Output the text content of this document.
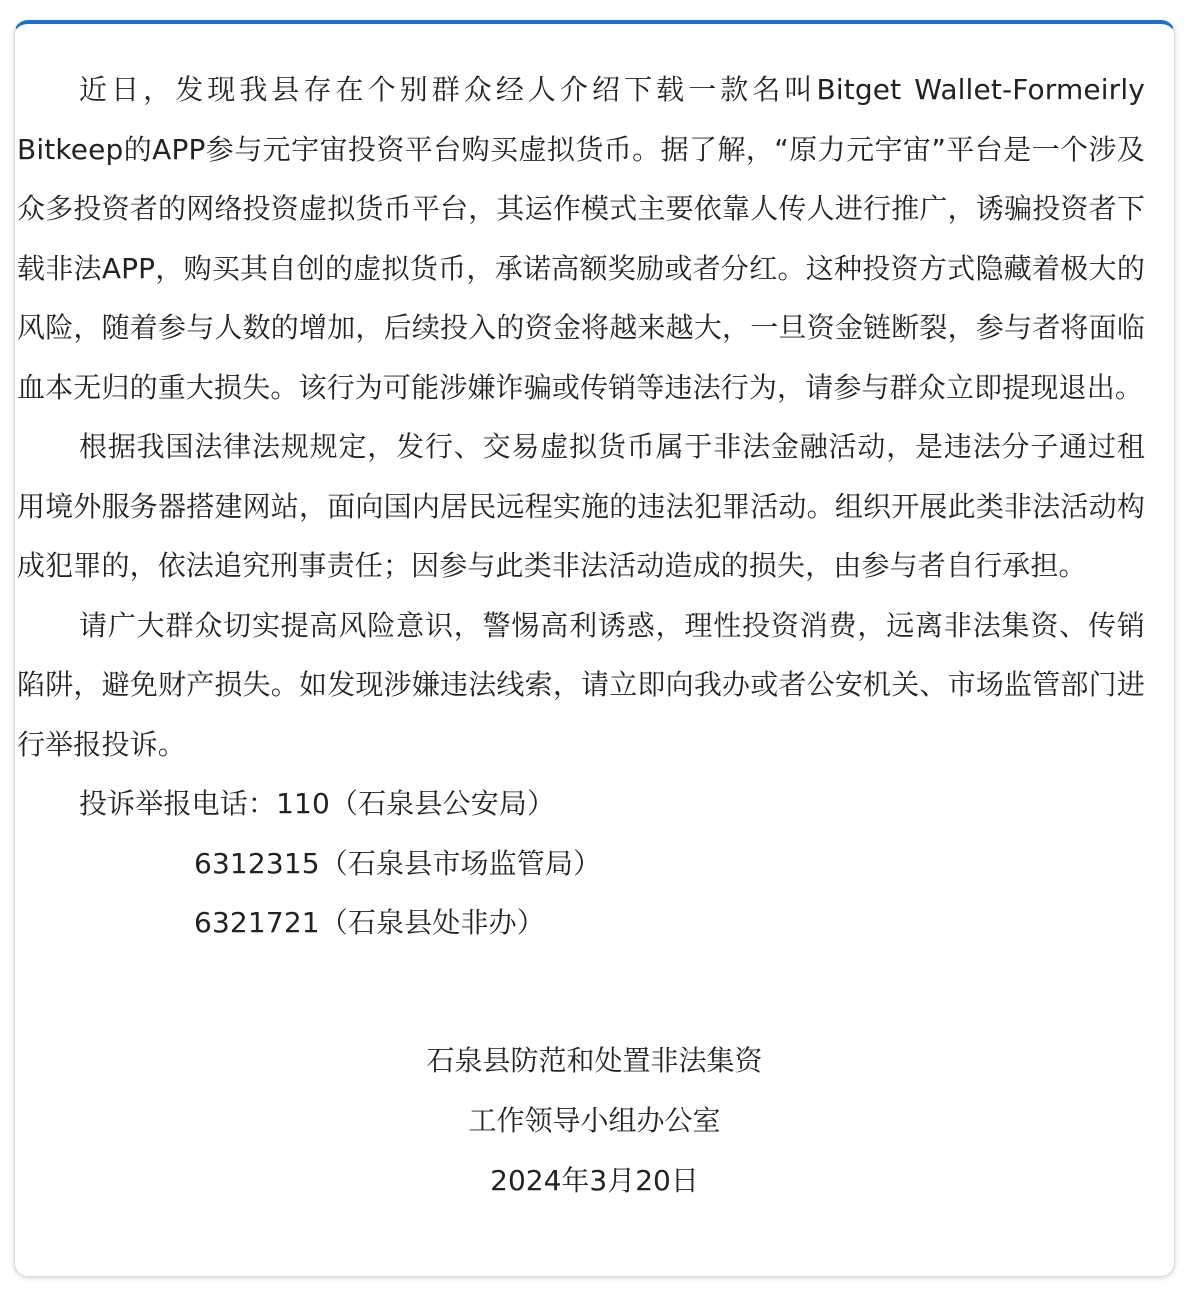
近日，发现我县存在个别群众经人介绍下载一款名叫Bitget Wallet-Formeirly Bitkeep的APP参与元宇宙投资平台购买虚拟货币。据了解，“原力元宇宙”平台是一个涉及众多投资者的网络投资虚拟货币平台，其运作模式主要依靠人传人进行推广，诱骗投资者下载非法APP，购买其自创的虚拟货币，承诺高额奖励或者分红。这种投资方式隐藏着极大的风险，随着参与人数的增加，后续投入的资金将越来越大，一旦资金链断裂，参与者将面临血本无归的重大损失。该行为可能涉嫌诈骗或传销等违法行为，请参与群众立即提现退出。

根据我国法律法规规定，发行、交易虚拟货币属于非法金融活动，是违法分子通过租用境外服务器搭建网站，面向国内居民远程实施的违法犯罪活动。组织开展此类非法活动构成犯罪的，依法追究刑事责任；因参与此类非法活动造成的损失，由参与者自行承担。

请广大群众切实提高风险意识，警惕高利诱惑，理性投资消费，远离非法集资、传销陷阱，避免财产损失。如发现涉嫌违法线索，请立即向我办或者公安机关、市场监管部门进行举报投诉。

投诉举报电话：110（石泉县公安局）
6312315（石泉县市场监管局）
6321721（石泉县处非办）
石泉县防范和处置非法集资
工作领导小组办公室
2024年3月20日
